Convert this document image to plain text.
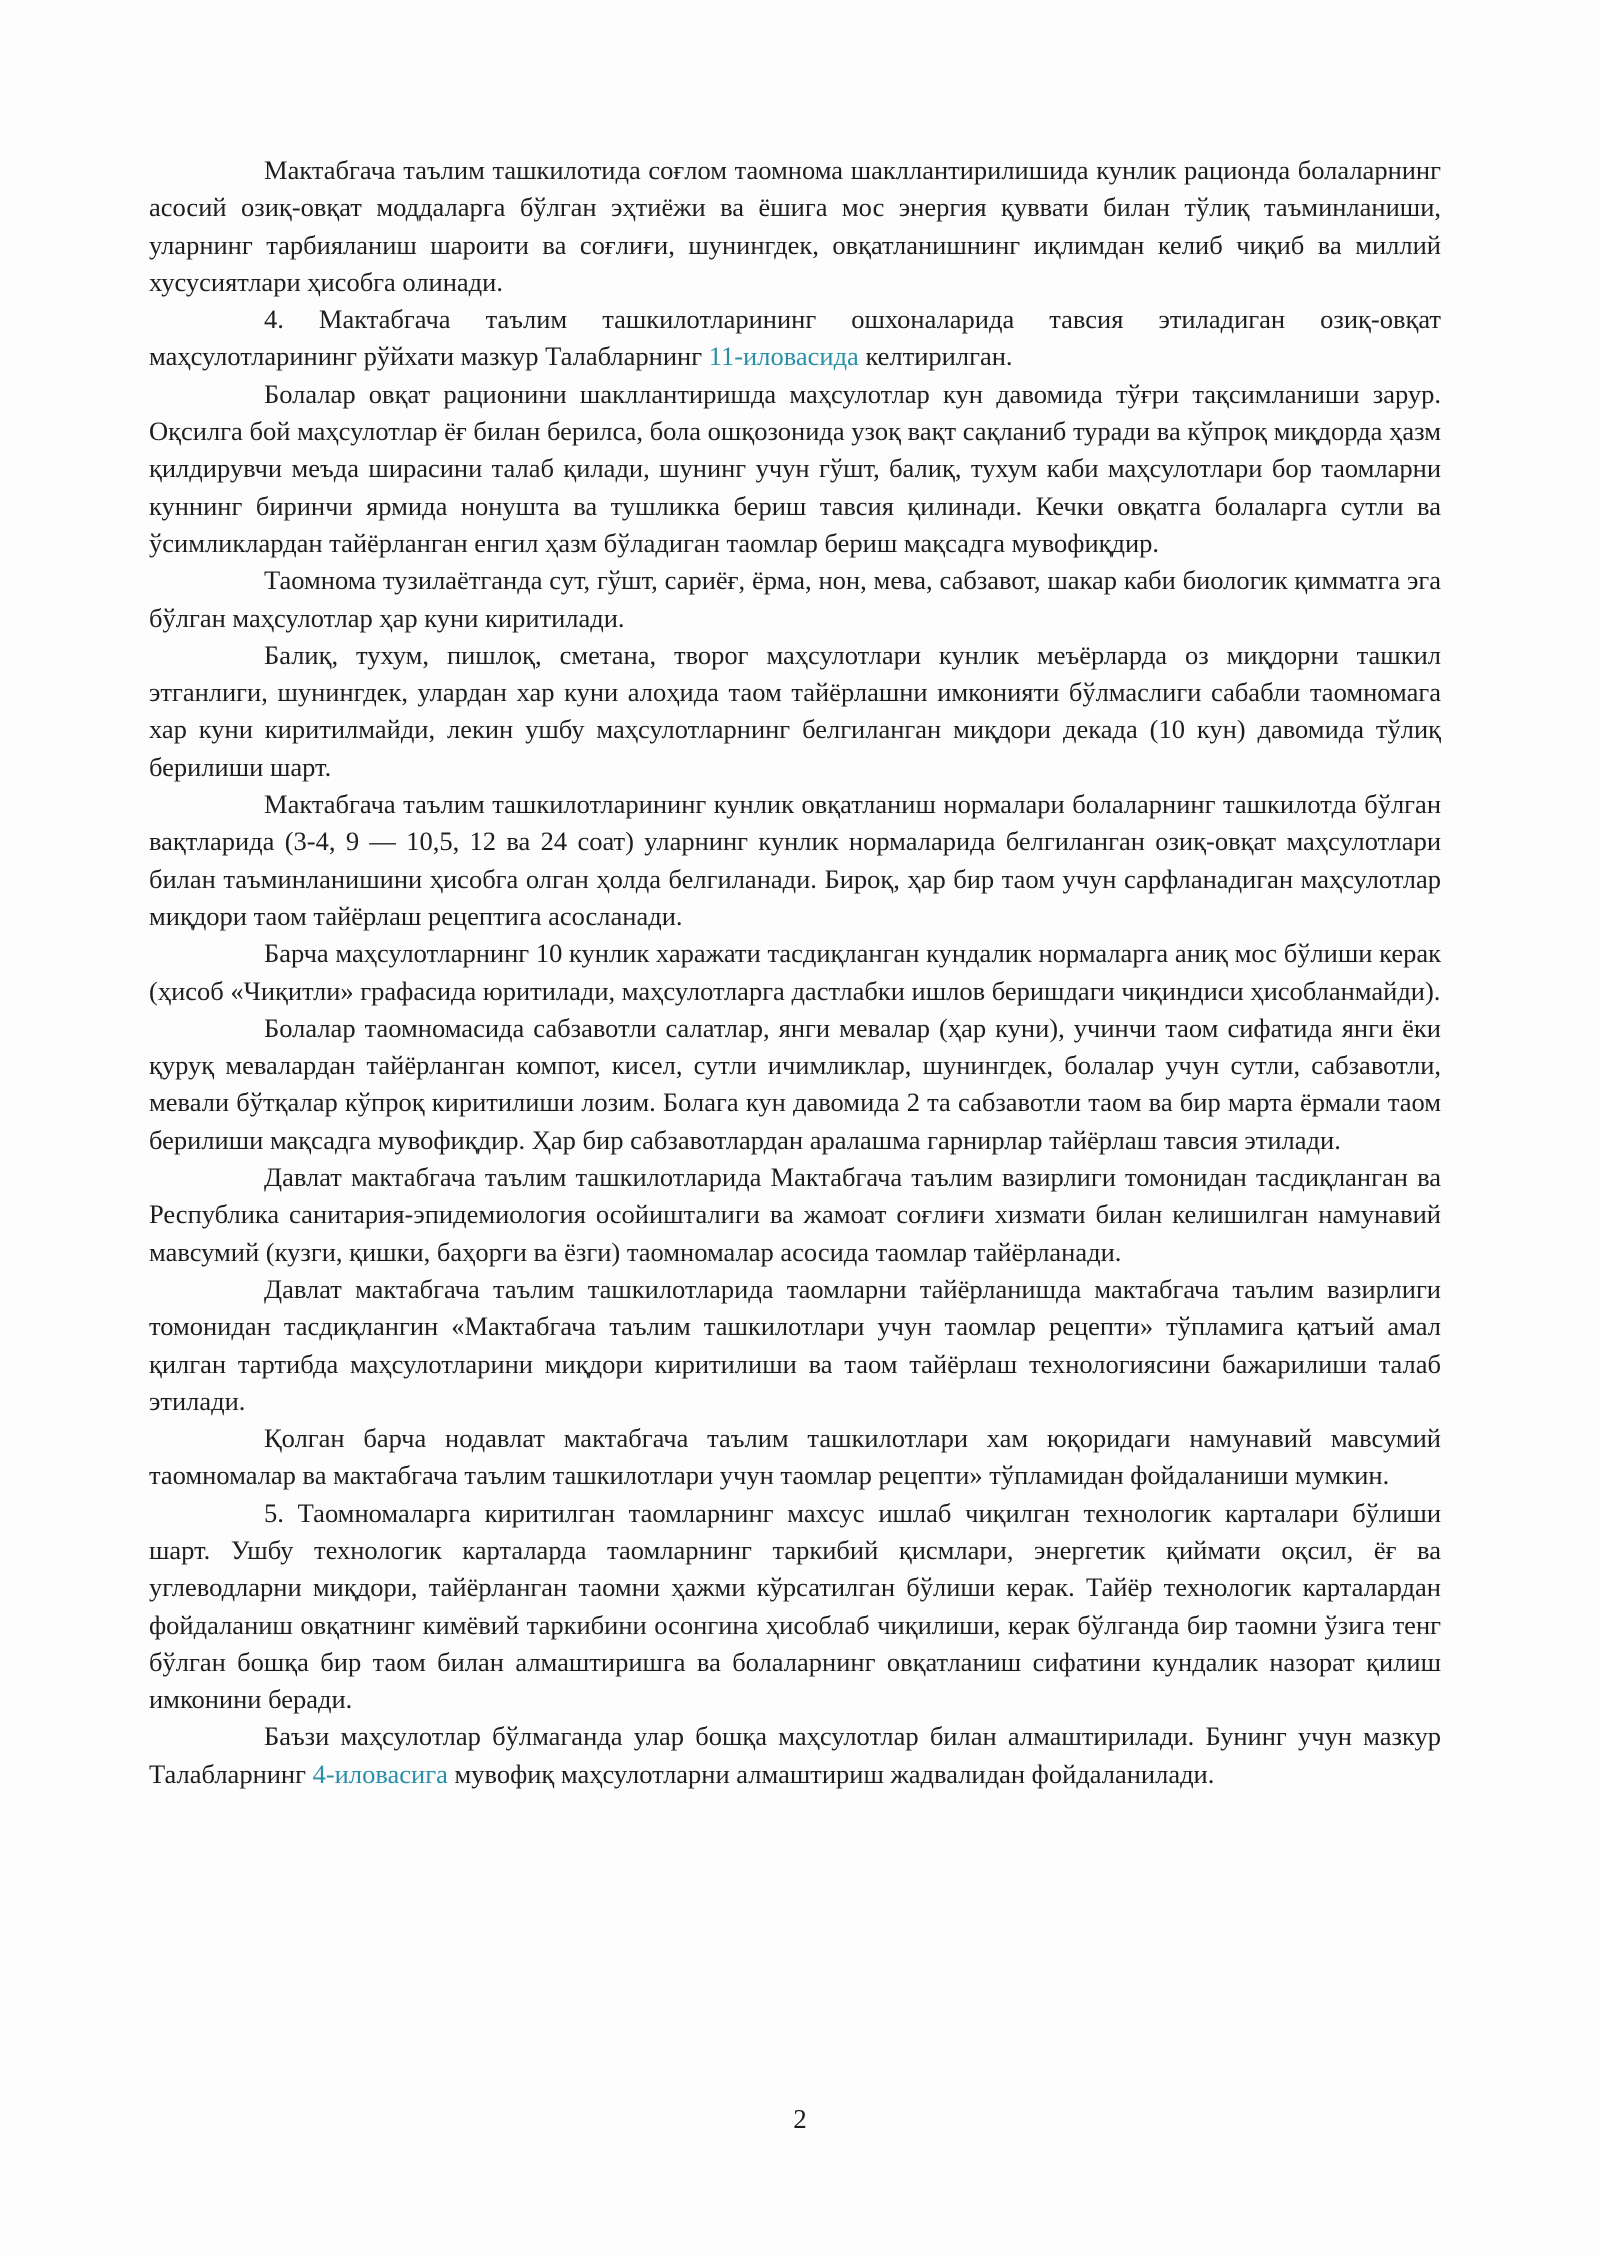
Мактабгача таълим ташкилотида соғлом таомнома шакллантирилишида кунлик рационда болаларнинг асосий озиқ-овқат моддаларга бўлган эҳтиёжи ва ёшига мос энергия қуввати билан тўлиқ таъминланиши, уларнинг тарбияланиш шароити ва соғлиғи, шунингдек, овқатланишнинг иқлимдан келиб чиқиб ва миллий хусусиятлари ҳисобга олинади.

4. Мактабгача таълим ташкилотларининг ошхоналарида тавсия этиладиган озиқ-овқат маҳсулотларининг рўйхати мазкур Талабларнинг 11-иловасида келтирилган.

Болалар овқат рационини шакллантиришда маҳсулотлар кун давомида тўғри тақсимланиши зарур. Оқсилга бой маҳсулотлар ёғ билан берилса, бола ошқозонида узоқ вақт сақланиб туради ва кўпроқ миқдорда ҳазм қилдирувчи меъда ширасини талаб қилади, шунинг учун гўшт, балиқ, тухум каби маҳсулотлари бор таомларни куннинг биринчи ярмида нонушта ва тушликка бериш тавсия қилинади. Кечки овқатга болаларга сутли ва ўсимликлардан тайёрланган енгил ҳазм бўладиган таомлар бериш мақсадга мувофиқдир.

Таомнома тузилаётганда сут, гўшт, сариёғ, ёрма, нон, мева, сабзавот, шакар каби биологик қимматга эга бўлган маҳсулотлар ҳар куни киритилади.

Балиқ, тухум, пишлоқ, сметана, творог маҳсулотлари кунлик меъёрларда оз миқдорни ташкил этганлиги, шунингдек, улардан хар куни алоҳида таом тайёрлашни имконияти бўлмаслиги сабабли таомномага хар куни киритилмайди, лекин ушбу маҳсулотларнинг белгиланган миқдори декада (10 кун) давомида тўлиқ берилиши шарт.

Мактабгача таълим ташкилотларининг кунлик овқатланиш нормалари болаларнинг ташкилотда бўлган вақтларида (3-4, 9 — 10,5, 12 ва 24 соат) уларнинг кунлик нормаларида белгиланган озиқ-овқат маҳсулотлари билан таъминланишини ҳисобга олган ҳолда белгиланади. Бироқ, ҳар бир таом учун сарфланадиган маҳсулотлар миқдори таом тайёрлаш рецептига асосланади.

Барча маҳсулотларнинг 10 кунлик харажати тасдиқланган кундалик нормаларга аниқ мос бўлиши керак (ҳисоб «Чиқитли» графасида юритилади, маҳсулотларга дастлабки ишлов беришдаги чиқиндиси ҳисобланмайди).

Болалар таомномасида сабзавотли салатлар, янги мевалар (ҳар куни), учинчи таом сифатида янги ёки қуруқ мевалардан тайёрланган компот, кисел, сутли ичимликлар, шунингдек, болалар учун сутли, сабзавотли, мевали бўтқалар кўпроқ киритилиши лозим. Болага кун давомида 2 та сабзавотли таом ва бир марта ёрмали таом берилиши мақсадга мувофиқдир. Ҳар бир сабзавотлардан аралашма гарнирлар тайёрлаш тавсия этилади.

Давлат мактабгача таълим ташкилотларида Мактабгача таълим вазирлиги томонидан тасдиқланган ва Республика санитария-эпидемиология осойишталиги ва жамоат соғлиғи хизмати билан келишилган намунавий мавсумий (кузги, қишки, баҳорги ва ёзги) таомномалар асосида таомлар тайёрланади.

Давлат мактабгача таълим ташкилотларида таомларни тайёрланишда мактабгача таълим вазирлиги томонидан тасдиқлангин «Мактабгача таълим ташкилотлари учун таомлар рецепти» тўпламига қатъий амал қилган тартибда маҳсулотларини миқдори киритилиши ва таом тайёрлаш технологиясини бажарилиши талаб этилади.

Қолган барча нодавлат мактабгача таълим ташкилотлари хам юқоридаги намунавий мавсумий таомномалар ва мактабгача таълим ташкилотлари учун таомлар рецепти» тўпламидан фойдаланиши мумкин.

5. Таомномаларга киритилган таомларнинг махсус ишлаб чиқилган технологик карталари бўлиши шарт. Ушбу технологик карталарда таомларнинг таркибий қисмлари, энергетик қиймати оқсил, ёғ ва углеводларни миқдори, тайёрланган таомни ҳажми кўрсатилган бўлиши керак. Тайёр технологик карталардан фойдаланиш овқатнинг кимёвий таркибини осонгина ҳисоблаб чиқилиши, керак бўлганда бир таомни ўзига тенг бўлган бошқа бир таом билан алмаштиришга ва болаларнинг овқатланиш сифатини кундалик назорат қилиш имконини беради.

Баъзи маҳсулотлар бўлмаганда улар бошқа маҳсулотлар билан алмаштирилади. Бунинг учун мазкур Талабларнинг 4-иловасига мувофиқ маҳсулотларни алмаштириш жадвалидан фойдаланилади.

2
